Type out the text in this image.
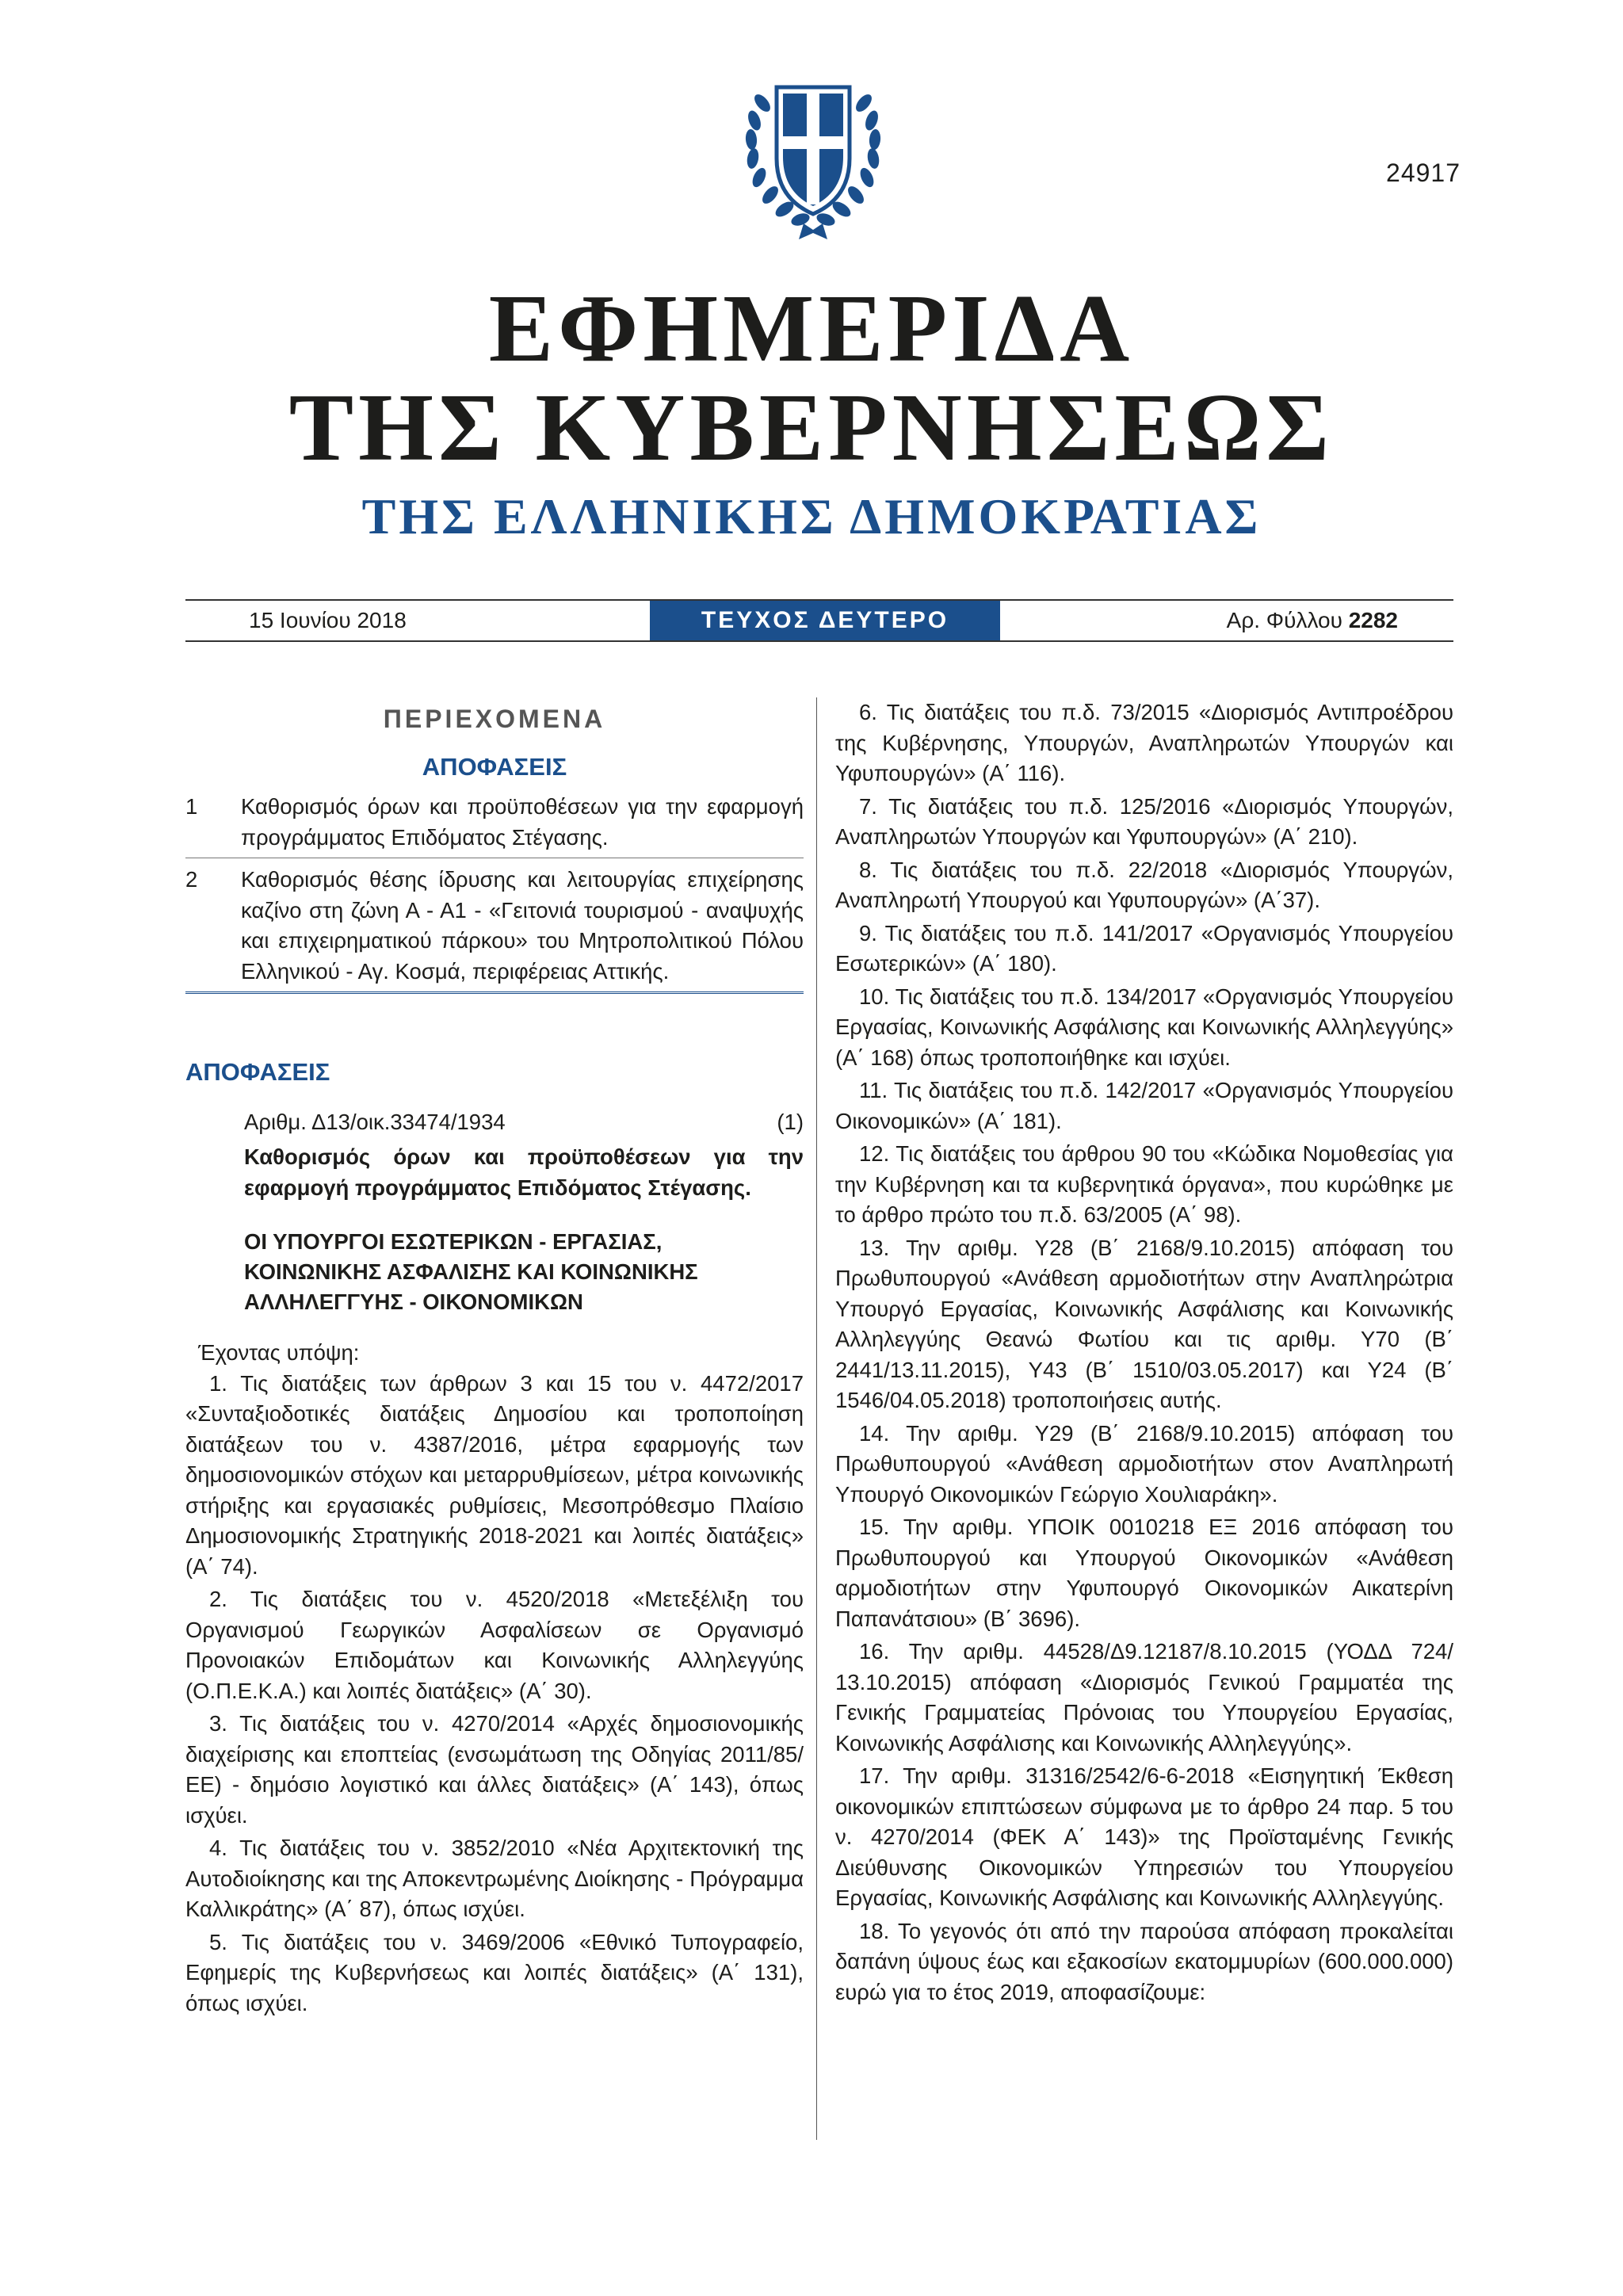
24917
ΕΦΗΜΕΡΙΔΑ
ΤΗΣ ΚΥΒΕΡΝΗΣΕΩΣ
ΤΗΣ ΕΛΛΗΝΙΚΗΣ ΔΗΜΟΚΡΑΤΙΑΣ
15 Ιουνίου 2018	ΤΕΥΧΟΣ ΔΕΥΤΕΡΟ	Αρ. Φύλλου 2282
ΠΕΡΙΕΧΟΜΕΝΑ
ΑΠΟΦΑΣΕΙΣ
1	Καθορισμός όρων και προϋποθέσεων για την εφαρμογή προγράμματος Επιδόματος Στέγασης.
2	Καθορισμός θέσης ίδρυσης και λειτουργίας επιχείρησης καζίνο στη ζώνη Α - Α1 - «Γειτονιά τουρισμού - αναψυχής και επιχειρηματικού πάρκου» του Μητροπολιτικού Πόλου Ελληνικού - Αγ. Κοσμά, περιφέρειας Αττικής.
ΑΠΟΦΑΣΕΙΣ
Αριθμ. Δ13/οικ.33474/1934	(1)
Καθορισμός όρων και προϋποθέσεων για την εφαρμογή προγράμματος Επιδόματος Στέγασης.
ΟΙ ΥΠΟΥΡΓΟΙ ΕΣΩΤΕΡΙΚΩΝ - ΕΡΓΑΣΙΑΣ,
ΚΟΙΝΩΝΙΚΗΣ ΑΣΦΑΛΙΣΗΣ ΚΑΙ ΚΟΙΝΩΝΙΚΗΣ
ΑΛΛΗΛΕΓΓΥΗΣ - ΟΙΚΟΝΟΜΙΚΩΝ
Έχοντας υπόψη:

1. Τις διατάξεις των άρθρων 3 και 15 του ν. 4472/2017 «Συνταξιοδοτικές διατάξεις Δημοσίου και τροποποίηση διατάξεων του ν. 4387/2016, μέτρα εφαρμογής των δημοσιονομικών στόχων και μεταρρυθμίσεων, μέτρα κοινωνικής στήριξης και εργασιακές ρυθμίσεις, Μεσοπρόθεσμο Πλαίσιο Δημοσιονομικής Στρατηγικής 2018-2021 και λοιπές διατάξεις» (Α΄ 74).

2. Τις διατάξεις του ν. 4520/2018 «Μετεξέλιξη του Οργανισμού Γεωργικών Ασφαλίσεων σε Οργανισμό Προνοιακών Επιδομάτων και Κοινωνικής Αλληλεγγύης (Ο.Π.Ε.Κ.Α.) και λοιπές διατάξεις» (Α΄ 30).

3. Τις διατάξεις του ν. 4270/2014 «Αρχές δημοσιονομικής διαχείρισης και εποπτείας (ενσωμάτωση της Οδηγίας 2011/85/ΕΕ) - δημόσιο λογιστικό και άλλες διατάξεις» (Α΄ 143), όπως ισχύει.

4. Τις διατάξεις του ν. 3852/2010 «Νέα Αρχιτεκτονική της Αυτοδιοίκησης και της Αποκεντρωμένης Διοίκησης - Πρόγραμμα Καλλικράτης» (Α΄ 87), όπως ισχύει.

5. Τις διατάξεις του ν. 3469/2006 «Εθνικό Τυπογραφείο, Εφημερίς της Κυβερνήσεως και λοιπές διατάξεις» (Α΄ 131), όπως ισχύει.

6. Τις διατάξεις του π.δ. 73/2015 «Διορισμός Αντιπροέδρου της Κυβέρνησης, Υπουργών, Αναπληρωτών Υπουργών και Υφυπουργών» (Α΄ 116).

7. Τις διατάξεις του π.δ. 125/2016 «Διορισμός Υπουργών, Αναπληρωτών Υπουργών και Υφυπουργών» (Α΄ 210).

8. Τις διατάξεις του π.δ. 22/2018 «Διορισμός Υπουργών, Αναπληρωτή Υπουργού και Υφυπουργών» (Α΄37).

9. Τις διατάξεις του π.δ. 141/2017 «Οργανισμός Υπουργείου Εσωτερικών» (Α΄ 180).

10. Τις διατάξεις του π.δ. 134/2017 «Οργανισμός Υπουργείου Εργασίας, Κοινωνικής Ασφάλισης και Κοινωνικής Αλληλεγγύης» (Α΄ 168) όπως τροποποιήθηκε και ισχύει.

11. Τις διατάξεις του π.δ. 142/2017 «Οργανισμός Υπουργείου Οικονομικών» (Α΄ 181).

12. Τις διατάξεις του άρθρου 90 του «Κώδικα Νομοθεσίας για την Κυβέρνηση και τα κυβερνητικά όργανα», που κυρώθηκε με το άρθρο πρώτο του π.δ. 63/2005 (Α΄ 98).

13. Την αριθμ. Υ28 (Β΄ 2168/9.10.2015) απόφαση του Πρωθυπουργού «Ανάθεση αρμοδιοτήτων στην Αναπληρώτρια Υπουργό Εργασίας, Κοινωνικής Ασφάλισης και Κοινωνικής Αλληλεγγύης Θεανώ Φωτίου και τις αριθμ. Υ70 (Β΄ 2441/13.11.2015), Υ43 (Β΄ 1510/03.05.2017) και Υ24 (Β΄ 1546/04.05.2018) τροποποιήσεις αυτής.

14. Την αριθμ. Υ29 (Β΄ 2168/9.10.2015) απόφαση του Πρωθυπουργού «Ανάθεση αρμοδιοτήτων στον Αναπληρωτή Υπουργό Οικονομικών Γεώργιο Χουλιαράκη».

15. Την αριθμ. ΥΠΟΙΚ 0010218 ΕΞ 2016 απόφαση του Πρωθυπουργού και Υπουργού Οικονομικών «Ανάθεση αρμοδιοτήτων στην Υφυπουργό Οικονομικών Αικατερίνη Παπανάτσιου» (Β΄ 3696).

16. Την αριθμ. 44528/Δ9.12187/8.10.2015 (ΥΟΔΔ 724/ 13.10.2015) απόφαση «Διορισμός Γενικού Γραμματέα της Γενικής Γραμματείας Πρόνοιας του Υπουργείου Εργασίας, Κοινωνικής Ασφάλισης και Κοινωνικής Αλληλεγγύης».

17. Την αριθμ. 31316/2542/6-6-2018 «Εισηγητική Έκθεση οικονομικών επιπτώσεων σύμφωνα με το άρθρο 24 παρ. 5 του ν. 4270/2014 (ΦΕΚ Α΄ 143)» της Προϊσταμένης Γενικής Διεύθυνσης Οικονομικών Υπηρεσιών του Υπουργείου Εργασίας, Κοινωνικής Ασφάλισης και Κοινωνικής Αλληλεγγύης.

18. Το γεγονός ότι από την παρούσα απόφαση προκαλείται δαπάνη ύψους έως και εξακοσίων εκατομμυρίων (600.000.000) ευρώ για το έτος 2019, αποφασίζουμε:
